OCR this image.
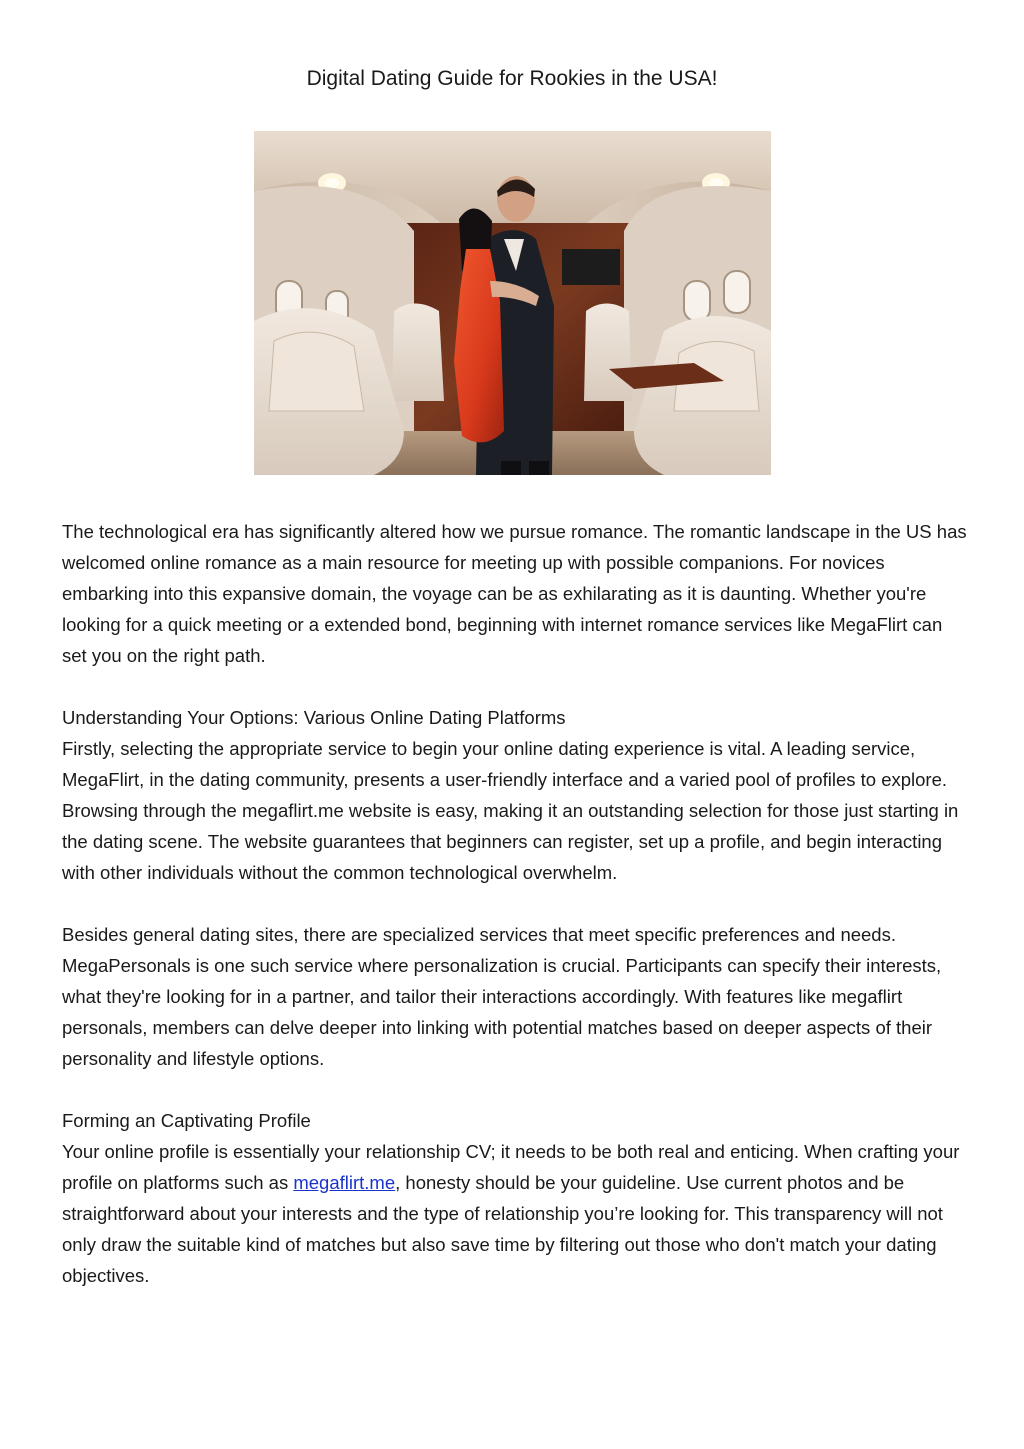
Digital Dating Guide for Rookies in the USA!

The technological era has significantly altered how we pursue romance. The romantic landscape in the US has welcomed online romance as a main resource for meeting up with possible companions. For novices embarking into this expansive domain, the voyage can be as exhilarating as it is daunting. Whether you're looking for a quick meeting or a extended bond, beginning with internet romance services like MegaFlirt can set you on the right path.

Understanding Your Options: Various Online Dating Platforms

Firstly, selecting the appropriate service to begin your online dating experience is vital. A leading service, MegaFlirt, in the dating community, presents a user-friendly interface and a varied pool of profiles to explore. Browsing through the megaflirt.me website is easy, making it an outstanding selection for those just starting in the dating scene. The website guarantees that beginners can register, set up a profile, and begin interacting with other individuals without the common technological overwhelm.

Besides general dating sites, there are specialized services that meet specific preferences and needs. MegaPersonals is one such service where personalization is crucial. Participants can specify their interests, what they're looking for in a partner, and tailor their interactions accordingly. With features like megaflirt personals, members can delve deeper into linking with potential matches based on deeper aspects of their personality and lifestyle options.

Forming an Captivating Profile

Your online profile is essentially your relationship CV; it needs to be both real and enticing. When crafting your profile on platforms such as megaflirt.me, honesty should be your guideline. Use current photos and be straightforward about your interests and the type of relationship you’re looking for. This transparency will not only draw the suitable kind of matches but also save time by filtering out those who don't match your dating objectives.
